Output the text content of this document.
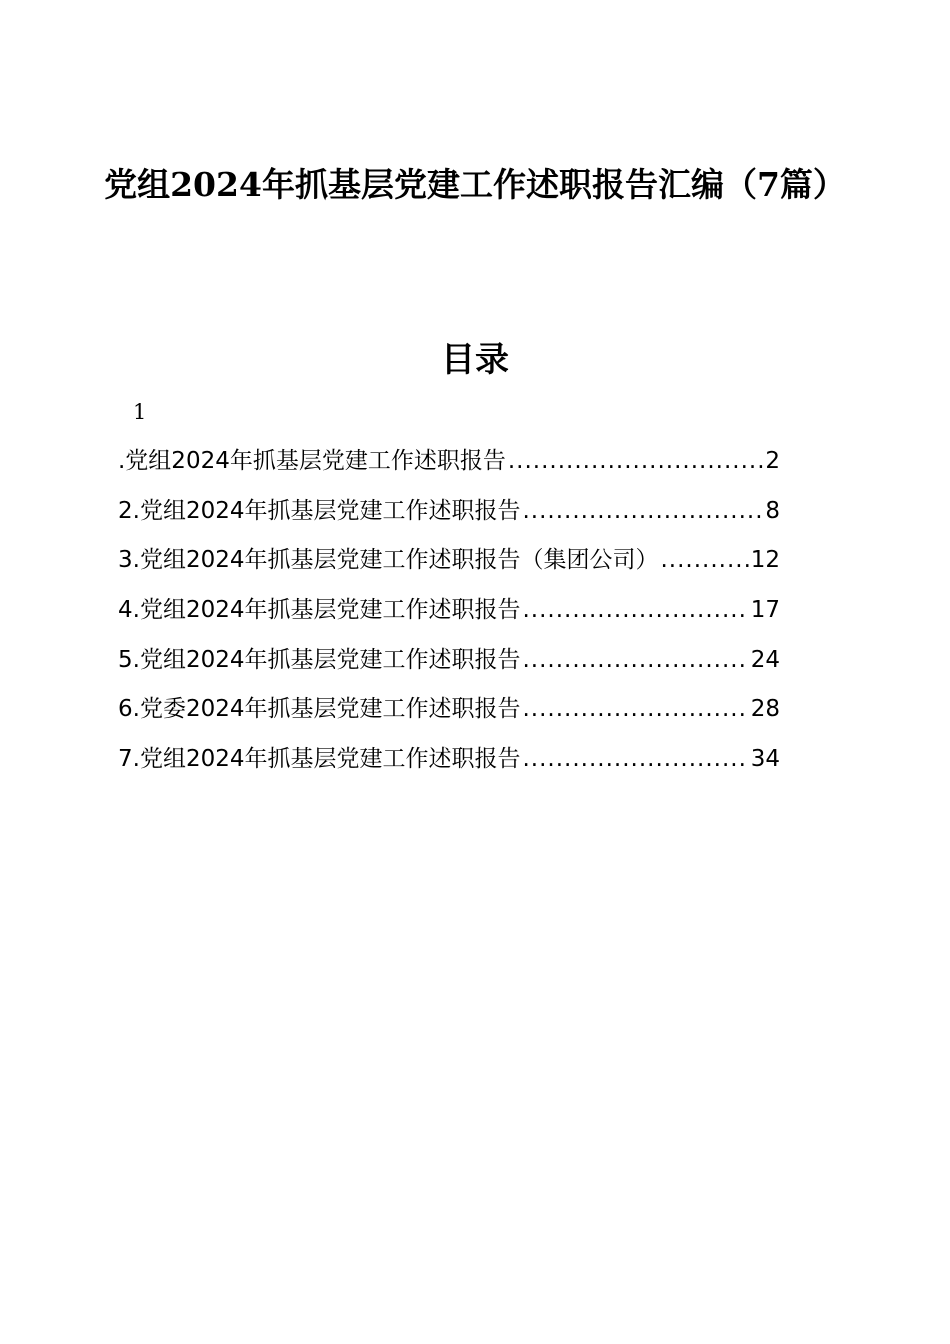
党组2024年抓基层党建工作述职报告汇编（7篇）
目录
1
.党组2024年抓基层党建工作述职报告 .....	2
2.党组2024年抓基层党建工作述职报告 .....	8
3.党组2024年抓基层党建工作述职报告（集团公司） .....	12
4.党组2024年抓基层党建工作述职报告 .....	17
5.党组2024年抓基层党建工作述职报告 .....	24
6.党委2024年抓基层党建工作述职报告 .....	28
7.党组2024年抓基层党建工作述职报告 .....	34
